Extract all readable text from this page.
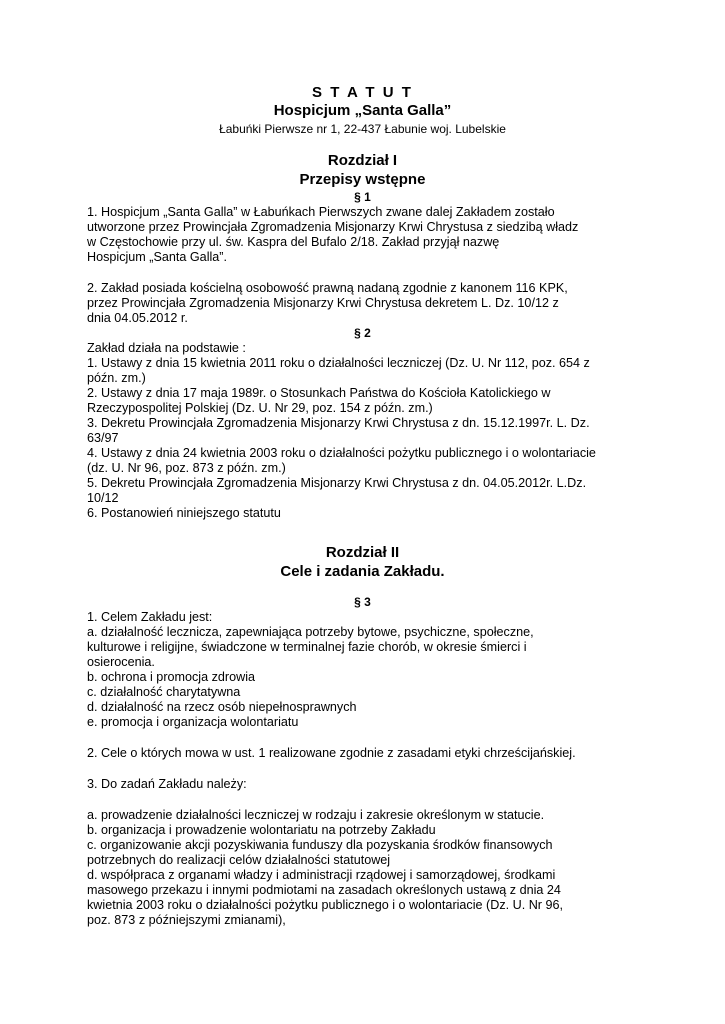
S T A T U T
Hospicjum „Santa Galla”
Łabuńki Pierwsze nr 1, 22-437 Łabunie woj. Lubelskie
Rozdział I
Przepisy wstępne
§ 1
1. Hospicjum „Santa Galla” w Łabuńkach Pierwszych zwane dalej Zakładem zostało
utworzone przez Prowincjała Zgromadzenia Misjonarzy Krwi Chrystusa z siedzibą władz
w Częstochowie przy ul. św. Kaspra del Bufalo 2/18. Zakład przyjął nazwę
Hospicjum „Santa Galla”.
2. Zakład posiada kościelną osobowość prawną nadaną zgodnie z kanonem 116 KPK,
przez Prowincjała Zgromadzenia Misjonarzy Krwi Chrystusa dekretem L. Dz. 10/12 z
dnia 04.05.2012 r.
§ 2
Zakład działa na podstawie :
1. Ustawy z dnia 15 kwietnia 2011 roku o działalności leczniczej (Dz. U. Nr 112, poz. 654 z
późn. zm.)
2. Ustawy z dnia 17 maja 1989r. o Stosunkach Państwa do Kościoła Katolickiego w
Rzeczypospolitej Polskiej (Dz. U. Nr 29, poz. 154 z późn. zm.)
3. Dekretu Prowincjała Zgromadzenia Misjonarzy Krwi Chrystusa z dn. 15.12.1997r. L. Dz.
63/97
4. Ustawy z dnia 24 kwietnia 2003 roku o działalności pożytku publicznego i o wolontariacie
(dz. U. Nr 96, poz. 873 z późn. zm.)
5. Dekretu Prowincjała Zgromadzenia Misjonarzy Krwi Chrystusa z dn. 04.05.2012r. L.Dz.
10/12
6. Postanowień niniejszego statutu
Rozdział II
Cele i zadania Zakładu.
§ 3
1. Celem Zakładu jest:
a. działalność lecznicza, zapewniająca potrzeby bytowe, psychiczne, społeczne,
kulturowe i religijne, świadczone w terminalnej fazie chorób, w okresie śmierci i
osierocenia.
b. ochrona i promocja zdrowia
c. działalność charytatywna
d. działalność na rzecz osób niepełnosprawnych
e. promocja i organizacja wolontariatu
2. Cele o których mowa w ust. 1 realizowane zgodnie z zasadami etyki chrześcijańskiej.
3. Do zadań Zakładu należy:
a. prowadzenie działalności leczniczej w rodzaju i zakresie określonym w statucie.
b. organizacja i prowadzenie wolontariatu na potrzeby Zakładu
c. organizowanie akcji pozyskiwania funduszy dla pozyskania środków finansowych
potrzebnych do realizacji celów działalności statutowej
d. współpraca z organami władzy i administracji rządowej i samorządowej, środkami
masowego przekazu i innymi podmiotami na zasadach określonych ustawą z dnia 24
kwietnia 2003 roku o działalności pożytku publicznego i o wolontariacie (Dz. U. Nr 96,
poz. 873 z późniejszymi zmianami),
